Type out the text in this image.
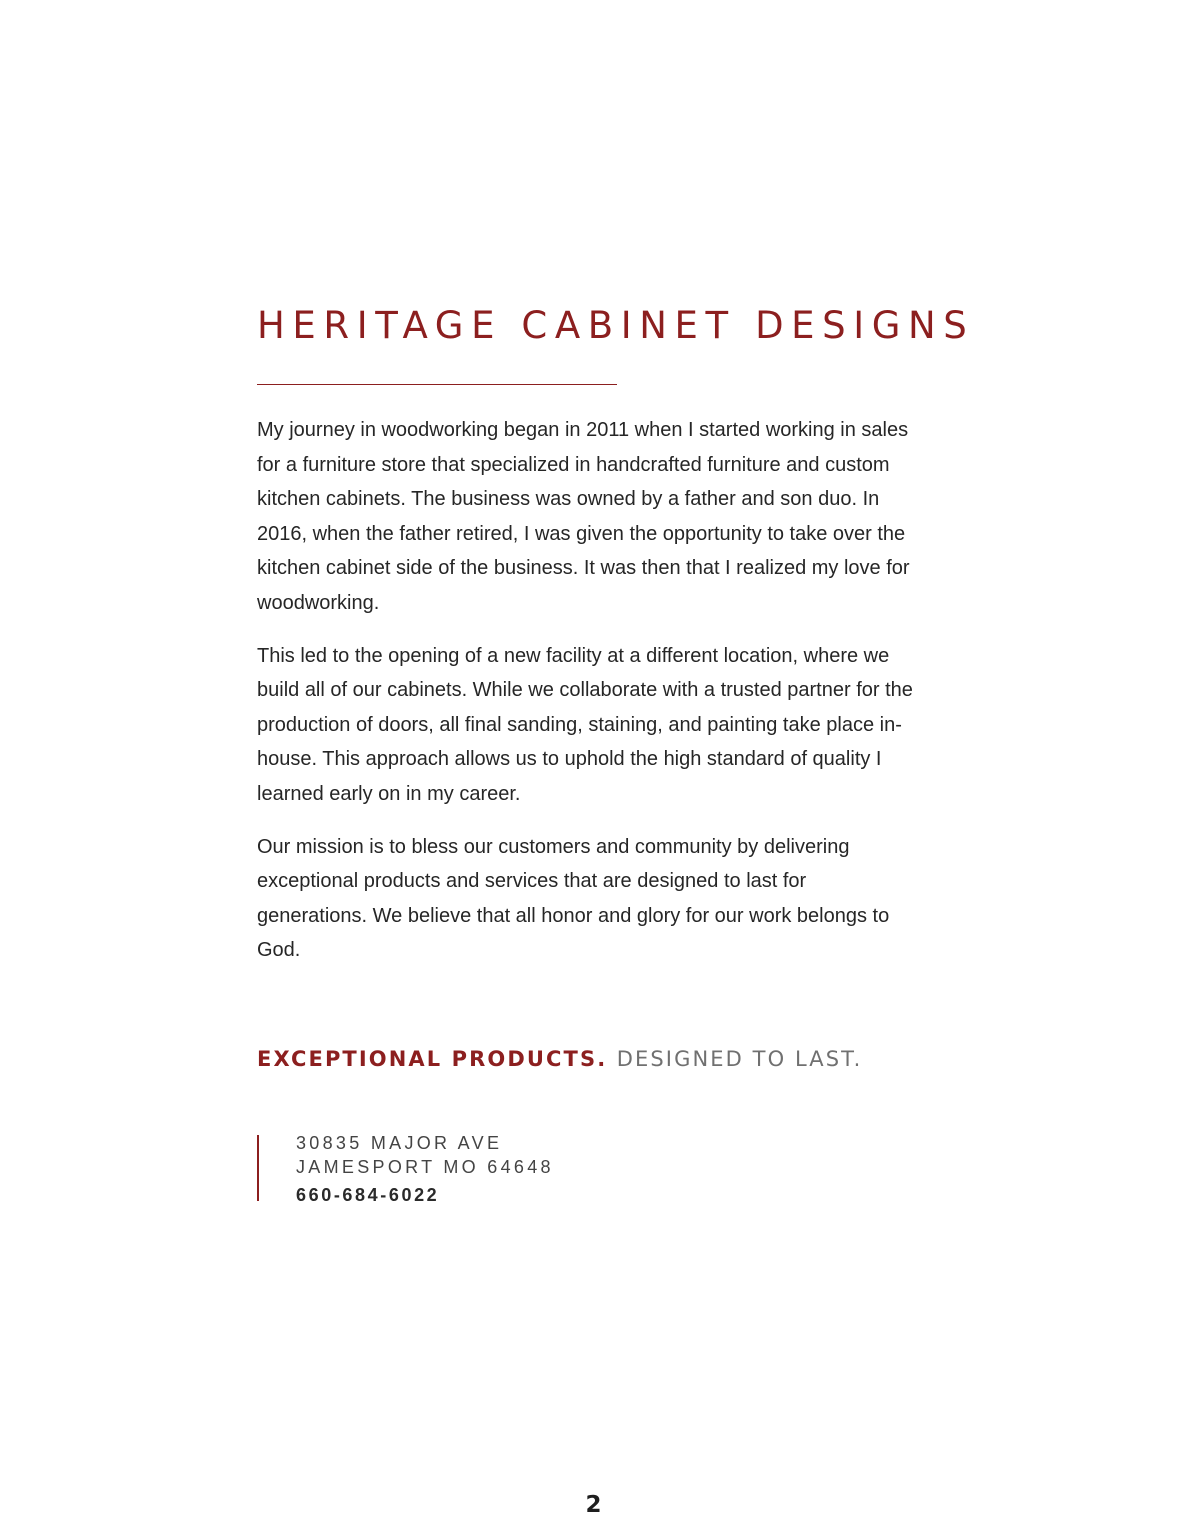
HERITAGE CABINET DESIGNS

My journey in woodworking began in 2011 when I started working in sales for a furniture store that specialized in handcrafted furniture and custom kitchen cabinets. The business was owned by a father and son duo. In 2016, when the father retired, I was given the opportunity to take over the kitchen cabinet side of the business. It was then that I realized my love for woodworking.

This led to the opening of a new facility at a different location, where we build all of our cabinets. While we collaborate with a trusted partner for the production of doors, all final sanding, staining, and painting take place in-house. This approach allows us to uphold the high standard of quality I learned early on in my career.

Our mission is to bless our customers and community by delivering exceptional products and services that are designed to last for generations. We believe that all honor and glory for our work belongs to God.

EXCEPTIONAL PRODUCTS. DESIGNED TO LAST.

30835 MAJOR AVE
JAMESPORT MO 64648
660-684-6022
2
